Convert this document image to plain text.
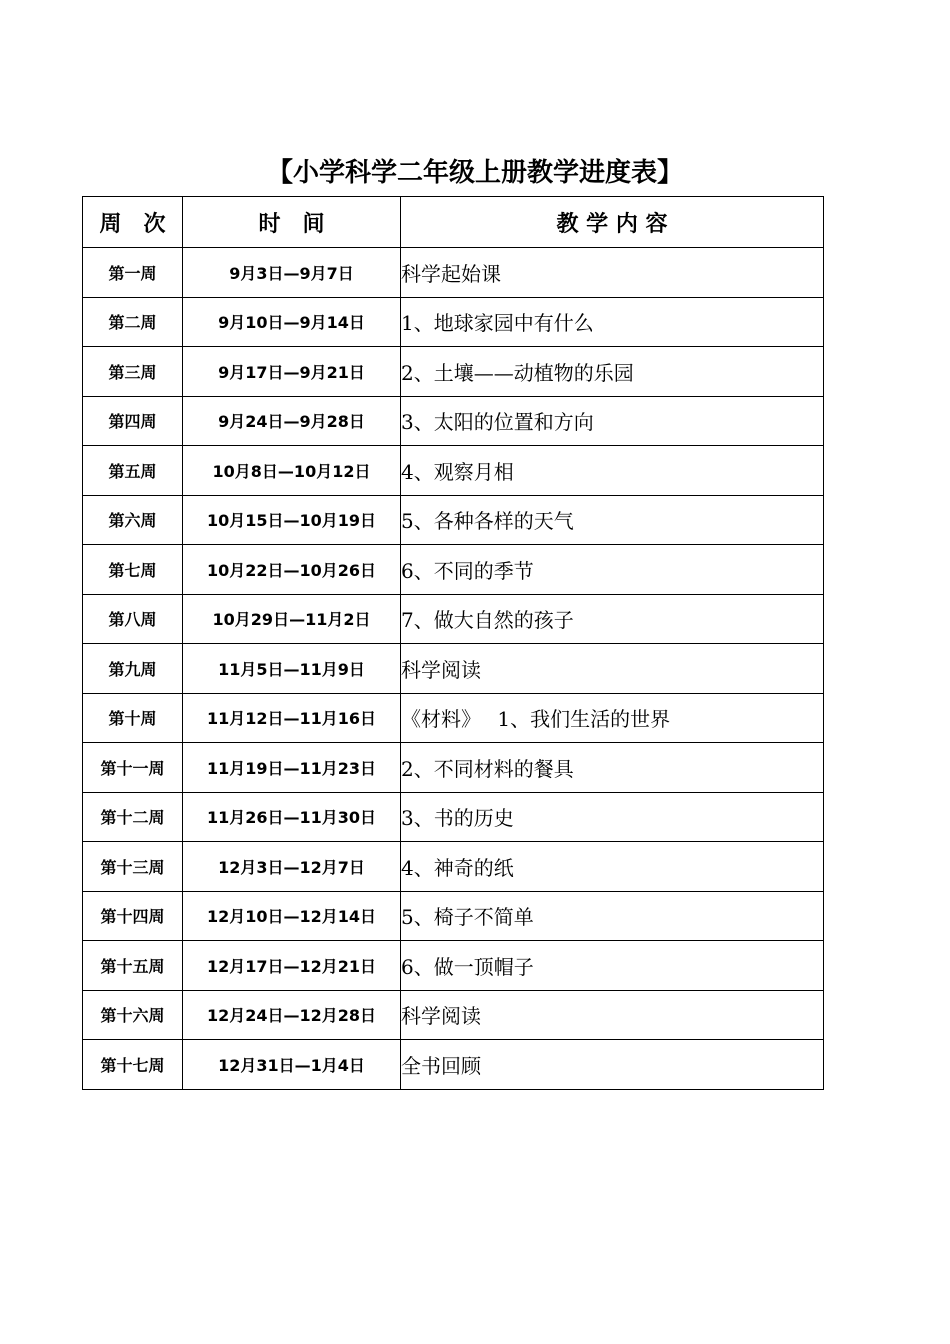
【小学科学二年级上册教学进度表】
周　次	时　间	教 学 内 容
第一周	9月3日—9月7日	科学起始课
第二周	9月10日—9月14日	1、地球家园中有什么
第三周	9月17日—9月21日	2、土壤——动植物的乐园
第四周	9月24日—9月28日	3、太阳的位置和方向
第五周	10月8日—10月12日	4、观察月相
第六周	10月15日—10月19日	5、各种各样的天气
第七周	10月22日—10月26日	6、不同的季节
第八周	10月29日—11月2日	7、做大自然的孩子
第九周	11月5日—11月9日	科学阅读
第十周	11月12日—11月16日	《材料》　 1、我们生活的世界
第十一周	11月19日—11月23日	2、不同材料的餐具
第十二周	11月26日—11月30日	3、书的历史
第十三周	12月3日—12月7日	4、神奇的纸
第十四周	12月10日—12月14日	5、椅子不简单
第十五周	12月17日—12月21日	6、做一顶帽子
第十六周	12月24日—12月28日	科学阅读
第十七周	12月31日—1月4日	全书回顾
